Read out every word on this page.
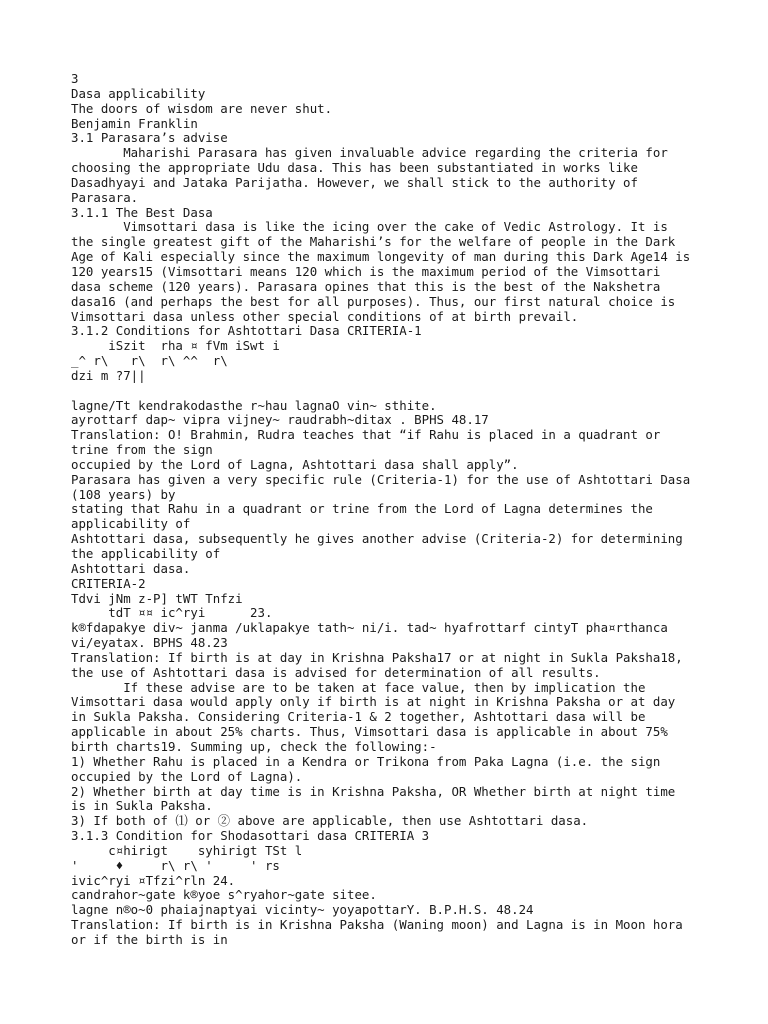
3
Dasa applicability
The doors of wisdom are never shut.
Benjamin Franklin
3.1 Parasara’s advise
Maharishi Parasara has given invaluable advice regarding the criteria for
choosing the appropriate Udu dasa. This has been substantiated in works like
Dasadhyayi and Jataka Parijatha. However, we shall stick to the authority of
Parasara.
3.1.1 The Best Dasa
Vimsottari dasa is like the icing over the cake of Vedic Astrology. It is
the single greatest gift of the Maharishi’s for the welfare of people in the Dark
Age of Kali especially since the maximum longevity of man during this Dark Age14 is
120 years15 (Vimsottari means 120 which is the maximum period of the Vimsottari
dasa scheme (120 years). Parasara opines that this is the best of the Nakshetra
dasa16 (and perhaps the best for all purposes). Thus, our first natural choice is
Vimsottari dasa unless other special conditions of at birth prevail.
3.1.2 Conditions for Ashtottari Dasa CRITERIA-1
iSzit  rha ¤ fVm iSwt i
_^ r\   r\  r\ ^^  r\
dzi m ?7||
lagne/Tt kendrakodasthe r~hau lagnaO vin~ sthite.
ayrottarf dap~ vipra vijney~ raudrabh~ditax . BPHS 48.17
Translation: O! Brahmin, Rudra teaches that “if Rahu is placed in a quadrant or
trine from the sign
occupied by the Lord of Lagna, Ashtottari dasa shall apply”.
Parasara has given a very specific rule (Criteria-1) for the use of Ashtottari Dasa
(108 years) by
stating that Rahu in a quadrant or trine from the Lord of Lagna determines the
applicability of
Ashtottari dasa, subsequently he gives another advise (Criteria-2) for determining
the applicability of
Ashtottari dasa.
CRITERIA-2
Tdvi jNm z-P] tWT Tnfzi
tdT ¤¤ ic^ryi      23.
k®fdapakye div~ janma /uklapakye tath~ ni/i. tad~ hyafrottarf cintyT pha¤rthanca
vi/eyatax. BPHS 48.23
Translation: If birth is at day in Krishna Paksha17 or at night in Sukla Paksha18,
the use of Ashtottari dasa is advised for determination of all results.
If these advise are to be taken at face value, then by implication the
Vimsottari dasa would apply only if birth is at night in Krishna Paksha or at day
in Sukla Paksha. Considering Criteria-1 & 2 together, Ashtottari dasa will be
applicable in about 25% charts. Thus, Vimsottari dasa is applicable in about 75%
birth charts19. Summing up, check the following:-
1) Whether Rahu is placed in a Kendra or Trikona from Paka Lagna (i.e. the sign
occupied by the Lord of Lagna).
2) Whether birth at day time is in Krishna Paksha, OR Whether birth at night time
is in Sukla Paksha.
3) If both of ⑴ or ② above are applicable, then use Ashtottari dasa.
3.1.3 Condition for Shodasottari dasa CRITERIA 3
c¤hirigt    syhirigt TSt l
'     ♦     r\ r\ '     ' rs
ivic^ryi ¤Tfzi^rln 24.
candrahor~gate k®yoe s^ryahor~gate sitee.
lagne n®o~0 phaiajnaptyai vicinty~ yoyapottarY. B.P.H.S. 48.24
Translation: If birth is in Krishna Paksha (Waning moon) and Lagna is in Moon hora
or if the birth is in
